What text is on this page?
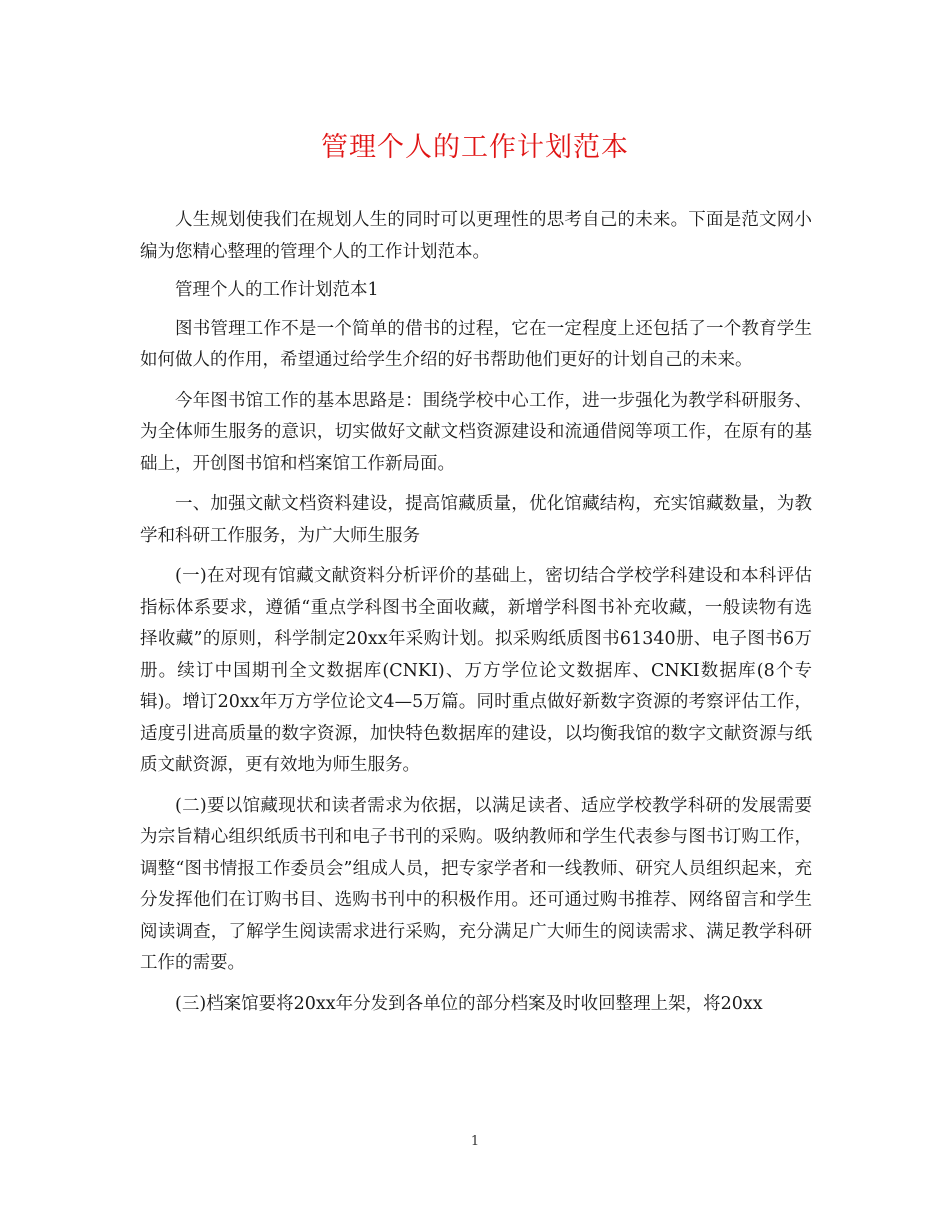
管理个人的工作计划范本

人生规划使我们在规划人生的同时可以更理性的思考自己的未来。下面是范文网小编为您精心整理的管理个人的工作计划范本。

管理个人的工作计划范本1

图书管理工作不是一个简单的借书的过程，它在一定程度上还包括了一个教育学生如何做人的作用，希望通过给学生介绍的好书帮助他们更好的计划自己的未来。

今年图书馆工作的基本思路是：围绕学校中心工作，进一步强化为教学科研服务、为全体师生服务的意识，切实做好文献文档资源建设和流通借阅等项工作，在原有的基础上，开创图书馆和档案馆工作新局面。

一、加强文献文档资料建设，提高馆藏质量，优化馆藏结构，充实馆藏数量，为教学和科研工作服务，为广大师生服务

(一)在对现有馆藏文献资料分析评价的基础上，密切结合学校学科建设和本科评估指标体系要求，遵循“重点学科图书全面收藏，新增学科图书补充收藏，一般读物有选择收藏”的原则，科学制定20xx年采购计划。拟采购纸质图书61340册、电子图书6万册。续订中国期刊全文数据库(CNKI)、万方学位论文数据库、CNKI数据库(8个专辑)。增订20xx年万方学位论文4—5万篇。同时重点做好新数字资源的考察评估工作，适度引进高质量的数字资源，加快特色数据库的建设，以均衡我馆的数字文献资源与纸质文献资源，更有效地为师生服务。

(二)要以馆藏现状和读者需求为依据，以满足读者、适应学校教学科研的发展需要为宗旨精心组织纸质书刊和电子书刊的采购。吸纳教师和学生代表参与图书订购工作，调整“图书情报工作委员会”组成人员，把专家学者和一线教师、研究人员组织起来，充分发挥他们在订购书目、选购书刊中的积极作用。还可通过购书推荐、网络留言和学生阅读调查，了解学生阅读需求进行采购，充分满足广大师生的阅读需求、满足教学科研工作的需要。

(三)档案馆要将20xx年分发到各单位的部分档案及时收回整理上架，将20xx

1
